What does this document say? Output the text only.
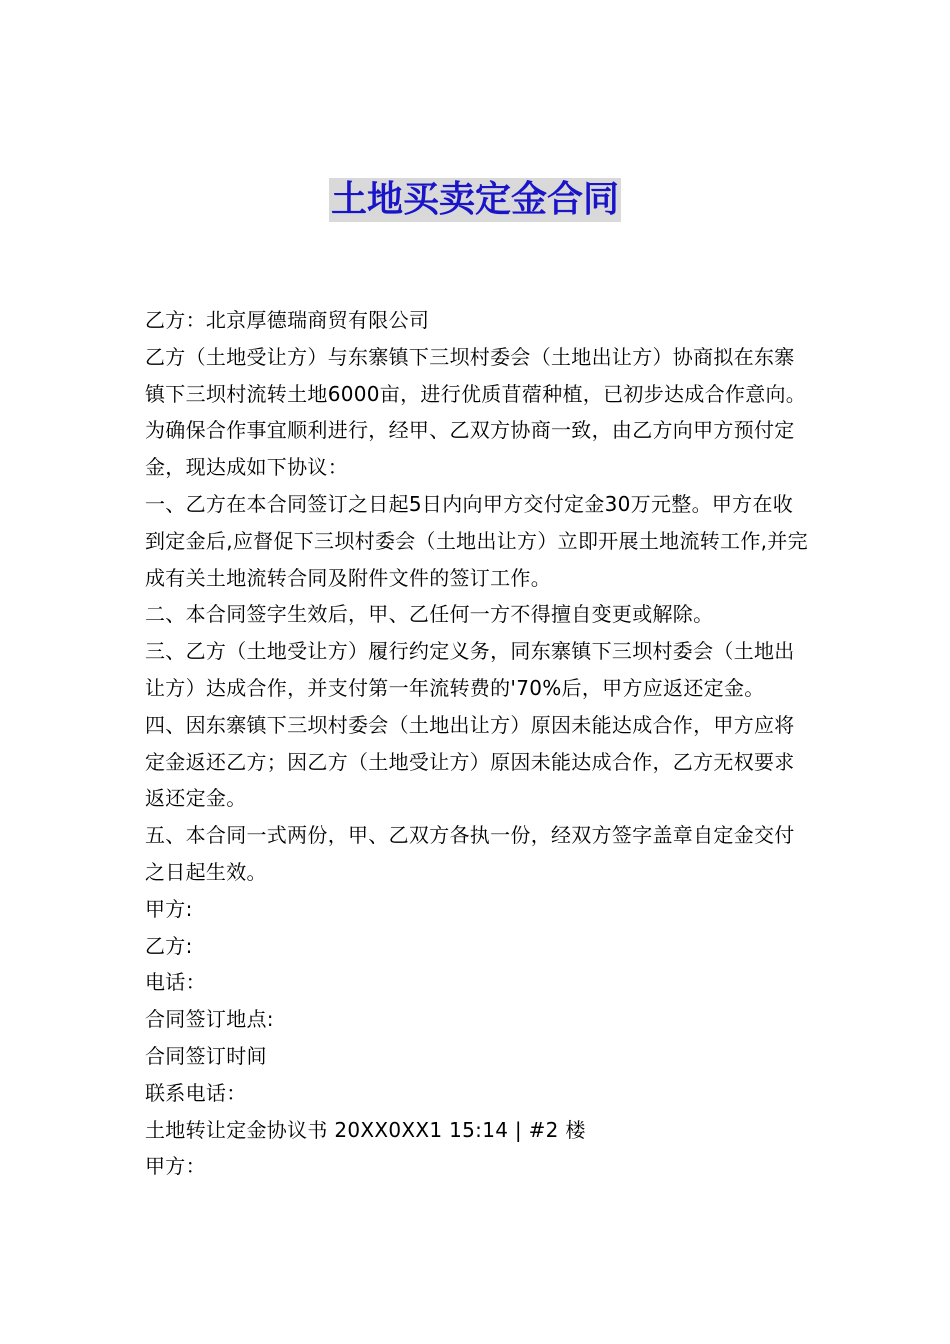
土地买卖定金合同

乙方：北京厚德瑞商贸有限公司

乙方（土地受让方）与东寨镇下三坝村委会（土地出让方）协商拟在东寨镇下三坝村流转土地6000亩，进行优质苜蓿种植，已初步达成合作意向。为确保合作事宜顺利进行，经甲、乙双方协商一致，由乙方向甲方预付定金，现达成如下协议：

一、乙方在本合同签订之日起5日内向甲方交付定金30万元整。甲方在收到定金后,应督促下三坝村委会（土地出让方）立即开展土地流转工作,并完成有关土地流转合同及附件文件的签订工作。

二、本合同签字生效后，甲、乙任何一方不得擅自变更或解除。

三、乙方（土地受让方）履行约定义务，同东寨镇下三坝村委会（土地出让方）达成合作，并支付第一年流转费的'70%后，甲方应返还定金。

四、因东寨镇下三坝村委会（土地出让方）原因未能达成合作，甲方应将定金返还乙方；因乙方（土地受让方）原因未能达成合作，乙方无权要求返还定金。

五、本合同一式两份，甲、乙双方各执一份，经双方签字盖章自定金交付之日起生效。

甲方:

乙方:

电话：

合同签订地点:

合同签订时间

联系电话：

土地转让定金协议书 20XX0XX1 15:14 | #2 楼

甲方：
